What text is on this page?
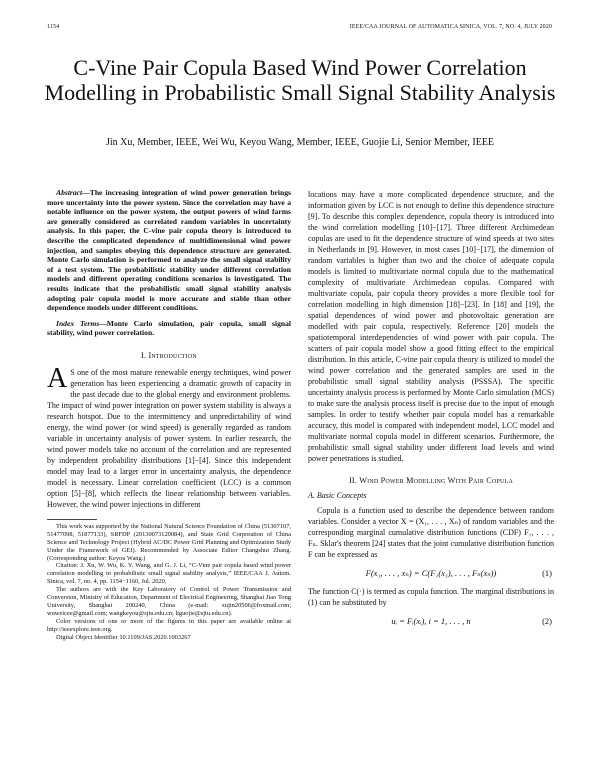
1154	IEEE/CAA JOURNAL OF AUTOMATICA SINICA, VOL. 7, NO. 4, JULY 2020
C-Vine Pair Copula Based Wind Power Correlation Modelling in Probabilistic Small Signal Stability Analysis
Jin Xu, Member, IEEE, Wei Wu, Keyou Wang, Member, IEEE, Guojie Li, Senior Member, IEEE

Abstract—The increasing integration of wind power generation brings more uncertainty into the power system. Since the correlation may have a notable influence on the power system, the output powers of wind farms are generally considered as correlated random variables in uncertainty analysis. In this paper, the C-vine pair copula theory is introduced to describe the complicated dependence of multidimensional wind power injection, and samples obeying this dependence structure are generated. Monte Carlo simulation is performed to analyze the small signal stability of a test system. The probabilistic stability under different correlation models and different operating conditions scenarios is investigated. The results indicate that the probabilistic small signal stability analysis adopting pair copula model is more accurate and stable than other dependence models under different conditions.

Index Terms—Monte Carlo simulation, pair copula, small signal stability, wind power correlation.

I. Introduction

A S one of the most mature renewable energy techniques, wind power generation has been experiencing a dramatic growth of capacity in the past decade due to the global energy and environment problems. The impact of wind power integration on power system stability is always a research hotspot. Due to the intermittency and unpredictability of wind energy, the wind power (or wind speed) is generally regarded as random variable in uncertainty analysis of power system. In earlier research, the wind power models take no account of the correlation and are represented by independent probability distributions [1]−[4]. Since this independent model may lead to a larger error in uncertainty analysis, the dependence model is necessary. Linear correlation coefficient (LCC) is a common option [5]−[8], which reflects the linear relationship between variables. However, the wind power injections in different

This work was supported by the National Natural Science Foundation of China (51307107, 51477098, 51877133), SRFDP (20130073120084), and State Grid Corporation of China Science and Technology Project (Hybrid AC/DC Power Grid Planning and Optimization Study Under the Framework of GEI). Recommended by Associate Editor Changshui Zhang. (Corresponding author: Keyou Wang.)

Citation: J. Xu, W. Wu, K. Y. Wang, and G. J. Li, “C-Vine pair copula based wind power correlation modelling in probabilistic small signal stability analysis,” IEEE/CAA J. Autom. Sinica, vol. 7, no. 4, pp. 1154−1160, Jul. 2020.

The authors are with the Key Laboratory of Control of Power Transmission and Conversion, Ministry of Education, Department of Electrical Engineering, Shanghai Jiao Tong University, Shanghai 200240, China (e-mail: xujin20506@foxmail.com; wuweicee@gmail.com; wangkeyou@sjtu.edu.cn; liguojie@sjtu.edu.cn).

Color versions of one or more of the figures in this paper are available online at http://ieeexplore.ieee.org.

Digital Object Identifier 10.1109/JAS.2020.1003267

locations may have a more complicated dependence structure, and the information given by LCC is not enough to define this dependence structure [9]. To describe this complex dependence, copula theory is introduced into the wind correlation modelling [10]−[17]. Three different Archimedean copulas are used to fit the dependence structure of wind speeds at two sites in Netherlands in [9]. However, in most cases [10]−[17], the dimension of random variables is higher than two and the choice of adequate copula models is limited to multivariate normal copula due to the mathematical complexity of multivariate Archimedean copulas. Compared with multivariate copula, pair copula theory provides a more flexible tool for correlation modelling in high dimension [18]−[23]. In [18] and [19], the spatial dependences of wind power and photovoltaic generation are modelled with pair copula, respectively. Reference [20] models the spatiotemporal interdependencies of wind power with pair copula. The scatters of pair copula model show a good fitting effect to the empirical distribution. In this article, C-vine pair copula theory is utilized to model the wind power correlation and the generated samples are used in the probabilistic small signal stability analysis (PSSSA). The specific uncertainty analysis process is performed by Monte Carlo simulation (MCS) to make sure the analysis process itself is precise due to the input of enough samples. In order to testify whether pair copula model has a remarkable accuracy, this model is compared with independent model, LCC model and multivariate normal copula model in different scenarios. Furthermore, the probabilistic small signal stability under different load levels and wind power penetrations is studied.

II. Wind Power Modelling With Pair Copula
A. Basic Concepts

Copula is a function used to describe the dependence between random variables. Consider a vector X = (X₁, . . . , Xₙ) of random variables and the corresponding marginal cumulative distribution functions (CDF) F₁, . . . , Fₙ. Sklar's theorem [24] states that the joint cumulative distribution function F can be expressed as

F(x₁, . . . , xₙ) = C(F₁(x₁), . . . , Fₙ(xₙ))	(1)

The function C(·) is termed as copula function. The marginal distributions in (1) can be substituted by

uᵢ = Fᵢ(xᵢ), i = 1, . . . , n	(2)
